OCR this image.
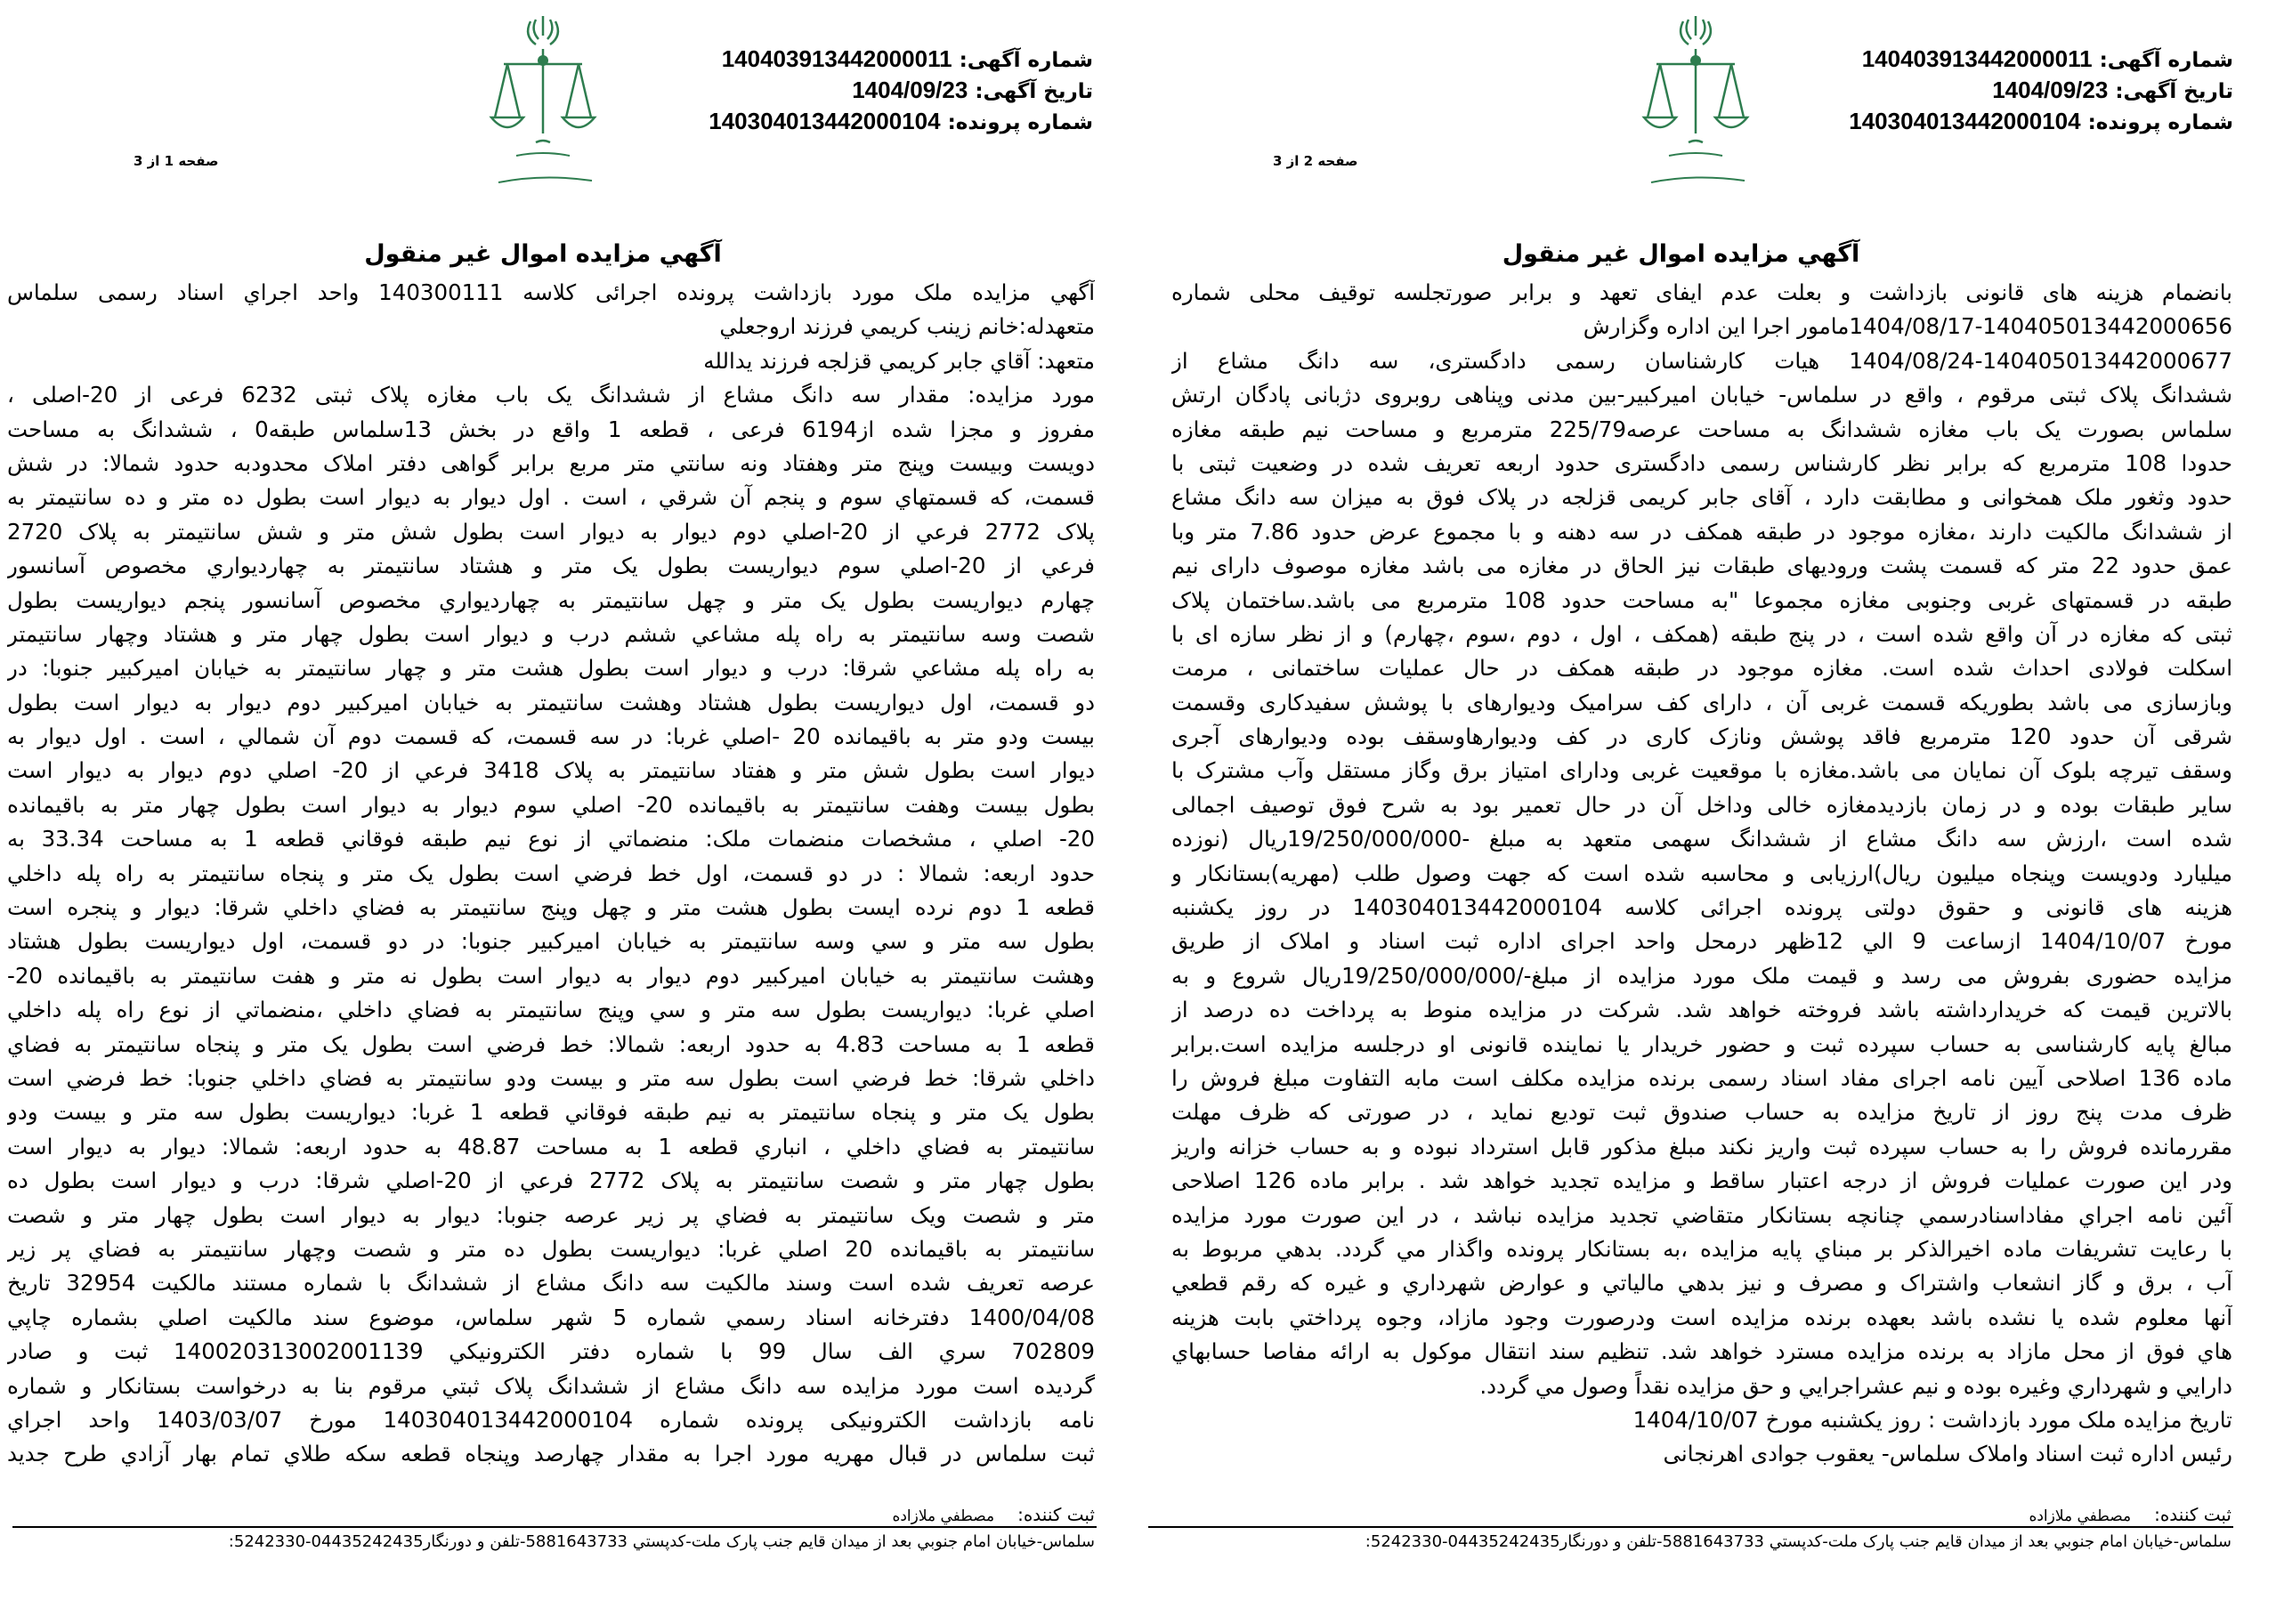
شماره آگهی: 140403913442000011
تاریخ آگهی: 1404/09/23
شماره پرونده: 140304013442000104
صفحه 2 از 3
آگهي مزايده اموال غير منقول
بانضمام هزينه هاى قانونى بازداشت و بعلت عدم ايفاى تعهد و برابر صورتجلسه توقيف محلى شماره
1404/08/17-14040501344200065‌6مامور اجرا اين اداره وگزارش
1404/08/24-14040501344200067‌7 هيات كارشناسان رسمى دادگسترى، سه دانگ مشاع از
ششدانگ پلاک ثبتی مرقوم ، واقع در سلماس- خيابان اميركبير-بين مدنى وپناهى روبروى دژبانى پادگان ارتش
سلماس بصورت يک باب مغازه ششدانگ به مساحت عرصه225/79 مترمربع و مساحت نيم طبقه مغازه
حدودا 108 مترمربع كه برابر نظر كارشناس رسمى دادگسترى حدود اربعه تعريف شده در وضعيت ثبتى با
حدود وثغور ملک همخوانى و مطابقت دارد ، آقاى جابر كريمى قزلجه در پلاک فوق به ميزان سه دانگ مشاع
از ششدانگ مالكيت دارند ،مغازه موجود در طبقه همكف در سه دهنه و با مجموع عرض حدود 7.86 متر وبا
عمق حدود 22 متر كه قسمت پشت وروديهاى طبقات نيز الحاق در مغازه مى باشد مغازه موصوف داراى نيم
طبقه در قسمتهاى غربى وجنوبى مغازه مجموعا "به مساحت حدود 108 مترمربع مى باشد.ساختمان پلاک
ثبتى كه مغازه در آن واقع شده است ، در پنج طبقه (همكف ، اول ، دوم ،سوم ،چهارم) و از نظر سازه اى با
اسكلت فولادى احداث شده است. مغازه موجود در طبقه همكف در حال عمليات ساختمانى ، مرمت
وبازسازى مى باشد بطوريكه قسمت غربى آن ، داراى كف سراميک وديوارهاى با پوشش سفيدكارى وقسمت
شرقى آن حدود 120 مترمربع فاقد پوشش ونازک كارى در كف وديوارهاوسقف بوده وديوارهاى آجرى
وسقف تيرچه بلوک آن نمايان مى باشد.مغازه با موقعيت غربى وداراى امتياز برق وگاز مستقل وآب مشترک با
ساير طبقات بوده و در زمان بازديدمغازه خالى وداخل آن در حال تعمير بود به شرح فوق توصيف اجمالى
شده است ،ارزش سه دانگ مشاع از ششدانگ سهمى متعهد به مبلغ -19/250/000/000ريال (نوزده
ميليارد ودويست وپنجاه ميليون ريال)ارزيابى و محاسبه شده است كه جهت وصول طلب (مهريه)بستانكار و
هزينه هاى قانونى و حقوق دولتى پرونده اجرائى كلاسه 140304013442000104 در روز يكشنبه
مورخ 1404/10/07 ازساعت 9 الي 12ظهر درمحل واحد اجراى اداره ثبت اسناد و املاک از طريق
مزايده حضورى بفروش مى رسد و قيمت ملک مورد مزايده از مبلغ-/19/250/000/000ريال شروع و به
بالاترين قيمت كه خريدارداشته باشد فروخته خواهد شد. شركت در مزايده منوط به پرداخت ده درصد از
مبالغ پايه كارشناسى به حساب سپرده ثبت و حضور خريدار يا نماينده قانونى او درجلسه مزايده است.برابر
ماده 136 اصلاحى آيين نامه اجراى مفاد اسناد رسمى برنده مزايده مكلف است مابه التفاوت مبلغ فروش را
ظرف مدت پنج روز از تاريخ مزايده به حساب صندوق ثبت توديع نمايد ، در صورتى كه ظرف مهلت
مقررمانده فروش را به حساب سپرده ثبت واريز نكند مبلغ مذكور قابل استرداد نبوده و به حساب خزانه واريز
ودر اين صورت عمليات فروش از درجه اعتبار ساقط و مزايده تجديد خواهد شد . برابر ماده 126 اصلاحى
آئين نامه اجراي مفاداسنادرسمي چنانچه بستانكار متقاضي تجديد مزايده نباشد ، در اين صورت مورد مزايده
با رعايت تشريفات ماده اخيرالذكر بر مبناي پايه مزايده ،به بستانكار پرونده واگذار مي گردد. بدهي مربوط به
آب ، برق و گاز انشعاب واشتراک و مصرف و نيز بدهي مالياتي و عوارض شهرداري و غيره كه رقم قطعي
آنها معلوم شده يا نشده باشد بعهده برنده مزايده است ودرصورت وجود مازاد، وجوه پرداختي بابت هزينه
هاي فوق از محل مازاد به برنده مزايده مسترد خواهد شد. تنظيم سند انتقال موكول به ارائه مفاصا حسابهاي
دارايي و شهرداري وغيره بوده و نيم عشراجرايي و حق مزايده نقداً وصول مي گردد.
تاريخ مزايده ملک مورد بازداشت : روز يكشنبه مورخ 1404/10/07
رئيس اداره ثبت اسناد واملاک سلماس- يعقوب جوادى اهرنجانى
ثبت کننده:مصطفي ملازاده
سلماس-خيابان امام جنوبي بعد از ميدان قايم جنب پارک ملت-کدپستي 5881643733-تلفن و دورنگار04435242435-5242330:
شماره آگهی: 140403913442000011
تاریخ آگهی: 1404/09/23
شماره پرونده: 140304013442000104
صفحه 1 از 3
آگهي مزايده اموال غير منقول
آگهي مزايده ملک مورد بازداشت پرونده اجرائی کلاسه 140300111 واحد اجراي اسناد رسمی سلماس
متعهدله:خانم زينب كريمي فرزند اروجعلي
متعهد: آقاي جابر كريمي قزلجه فرزند يدالله
مورد مزايده: مقدار سه دانگ مشاع از ششدانگ يک باب مغازه پلاک ثبتی 6232 فرعی از 20-اصلی ،
مفروز و مجزا شده از6194 فرعی ، قطعه 1 واقع در بخش 13سلماس طبقه0 ، ششدانگ به مساحت
دويست وبيست وپنج متر وهفتاد ونه سانتي متر مربع برابر گواهی دفتر املاک محدودبه حدود شمالا: در شش
قسمت، كه قسمتهاي سوم و پنجم آن شرقي ، است . اول ديوار به ديوار است بطول ده متر و ده سانتيمتر به
پلاک 2772 فرعي از 20-اصلي دوم ديوار به ديوار است بطول شش متر و شش سانتيمتر به پلاک 2720
فرعي از 20-اصلي سوم ديواريست بطول يک متر و هشتاد سانتيمتر به چهارديواري مخصوص آسانسور
چهارم ديواريست بطول يک متر و چهل سانتيمتر به چهارديواري مخصوص آسانسور پنجم ديواريست بطول
شصت وسه سانتيمتر به راه پله مشاعي ششم درب و ديوار است بطول چهار متر و هشتاد وچهار سانتيمتر
به راه پله مشاعي شرقا: درب و ديوار است بطول هشت متر و چهار سانتيمتر به خيابان اميركبير جنوبا: در
دو قسمت، اول ديواريست بطول هشتاد وهشت سانتيمتر به خيابان اميركبير دوم ديوار به ديوار است بطول
بيست ودو متر به باقيمانده 20 -اصلي غربا: در سه قسمت، كه قسمت دوم آن شمالي ، است . اول ديوار به
ديوار است بطول شش متر و هفتاد سانتيمتر به پلاک 3418 فرعي از 20- اصلي دوم ديوار به ديوار است
بطول بيست وهفت سانتيمتر به باقيمانده 20- اصلي سوم ديوار به ديوار است بطول چهار متر به باقيمانده
20- اصلي ، مشخصات منضمات ملک: منضماتي از نوع نيم طبقه فوقاني قطعه 1 به مساحت 33.34 به
حدود اربعه: شمالا : در دو قسمت، اول خط فرضي است بطول يک متر و پنجاه سانتيمتر به راه پله داخلي
قطعه 1 دوم نرده ايست بطول هشت متر و چهل وپنج سانتيمتر به فضاي داخلي شرقا: ديوار و پنجره است
بطول سه متر و سي وسه سانتيمتر به خيابان اميركبير جنوبا: در دو قسمت، اول ديواريست بطول هشتاد
وهشت سانتيمتر به خيابان اميركبير دوم ديوار به ديوار است بطول نه متر و هفت سانتيمتر به باقيمانده 20-
اصلي غربا: ديواريست بطول سه متر و سي وپنج سانتيمتر به فضاي داخلي ،منضماتي از نوع راه پله داخلي
قطعه 1 به مساحت 4.83 به حدود اربعه: شمالا: خط فرضي است بطول يک متر و پنجاه سانتيمتر به فضاي
داخلي شرقا: خط فرضي است بطول سه متر و بيست ودو سانتيمتر به فضاي داخلي جنوبا: خط فرضي است
بطول يک متر و پنجاه سانتيمتر به نيم طبقه فوقاني قطعه 1 غربا: ديواريست بطول سه متر و بيست ودو
سانتيمتر به فضاي داخلي ، انباري قطعه 1 به مساحت 48.87 به حدود اربعه: شمالا: ديوار به ديوار است
بطول چهار متر و شصت سانتيمتر به پلاک 2772 فرعي از 20-اصلي شرقا: درب و ديوار است بطول ده
متر و شصت ويک سانتيمتر به فضاي پر زير عرصه جنوبا: ديوار به ديوار است بطول چهار متر و شصت
سانتيمتر به باقيمانده 20 اصلي غربا: ديواريست بطول ده متر و شصت وچهار سانتيمتر به فضاي پر زير
عرصه تعريف شده است وسند مالكيت سه دانگ مشاع از ششدانگ با شماره مستند مالكيت 32954 تاريخ
1400/04/08 دفترخانه اسناد رسمي شماره 5 شهر سلماس، موضوع سند مالكيت اصلي بشماره چاپي
702809 سري الف سال 99 با شماره دفتر الكترونيكي 140020313002001139 ثبت و صادر
گرديده است مورد مزايده سه دانگ مشاع از ششدانگ پلاک ثبتي مرقوم بنا به درخواست بستانكار و شماره
نامه بازداشت الكترونيكى پرونده شماره 140304013442000104 مورخ 1403/03/07 واحد اجراي
ثبت سلماس در قبال مهريه مورد اجرا به مقدار چهارصد وپنجاه قطعه سكه طلاي تمام بهار آزادي طرح جديد
ثبت کننده:مصطفي ملازاده
سلماس-خيابان امام جنوبي بعد از ميدان قايم جنب پارک ملت-کدپستي 5881643733-تلفن و دورنگار04435242435-5242330:
